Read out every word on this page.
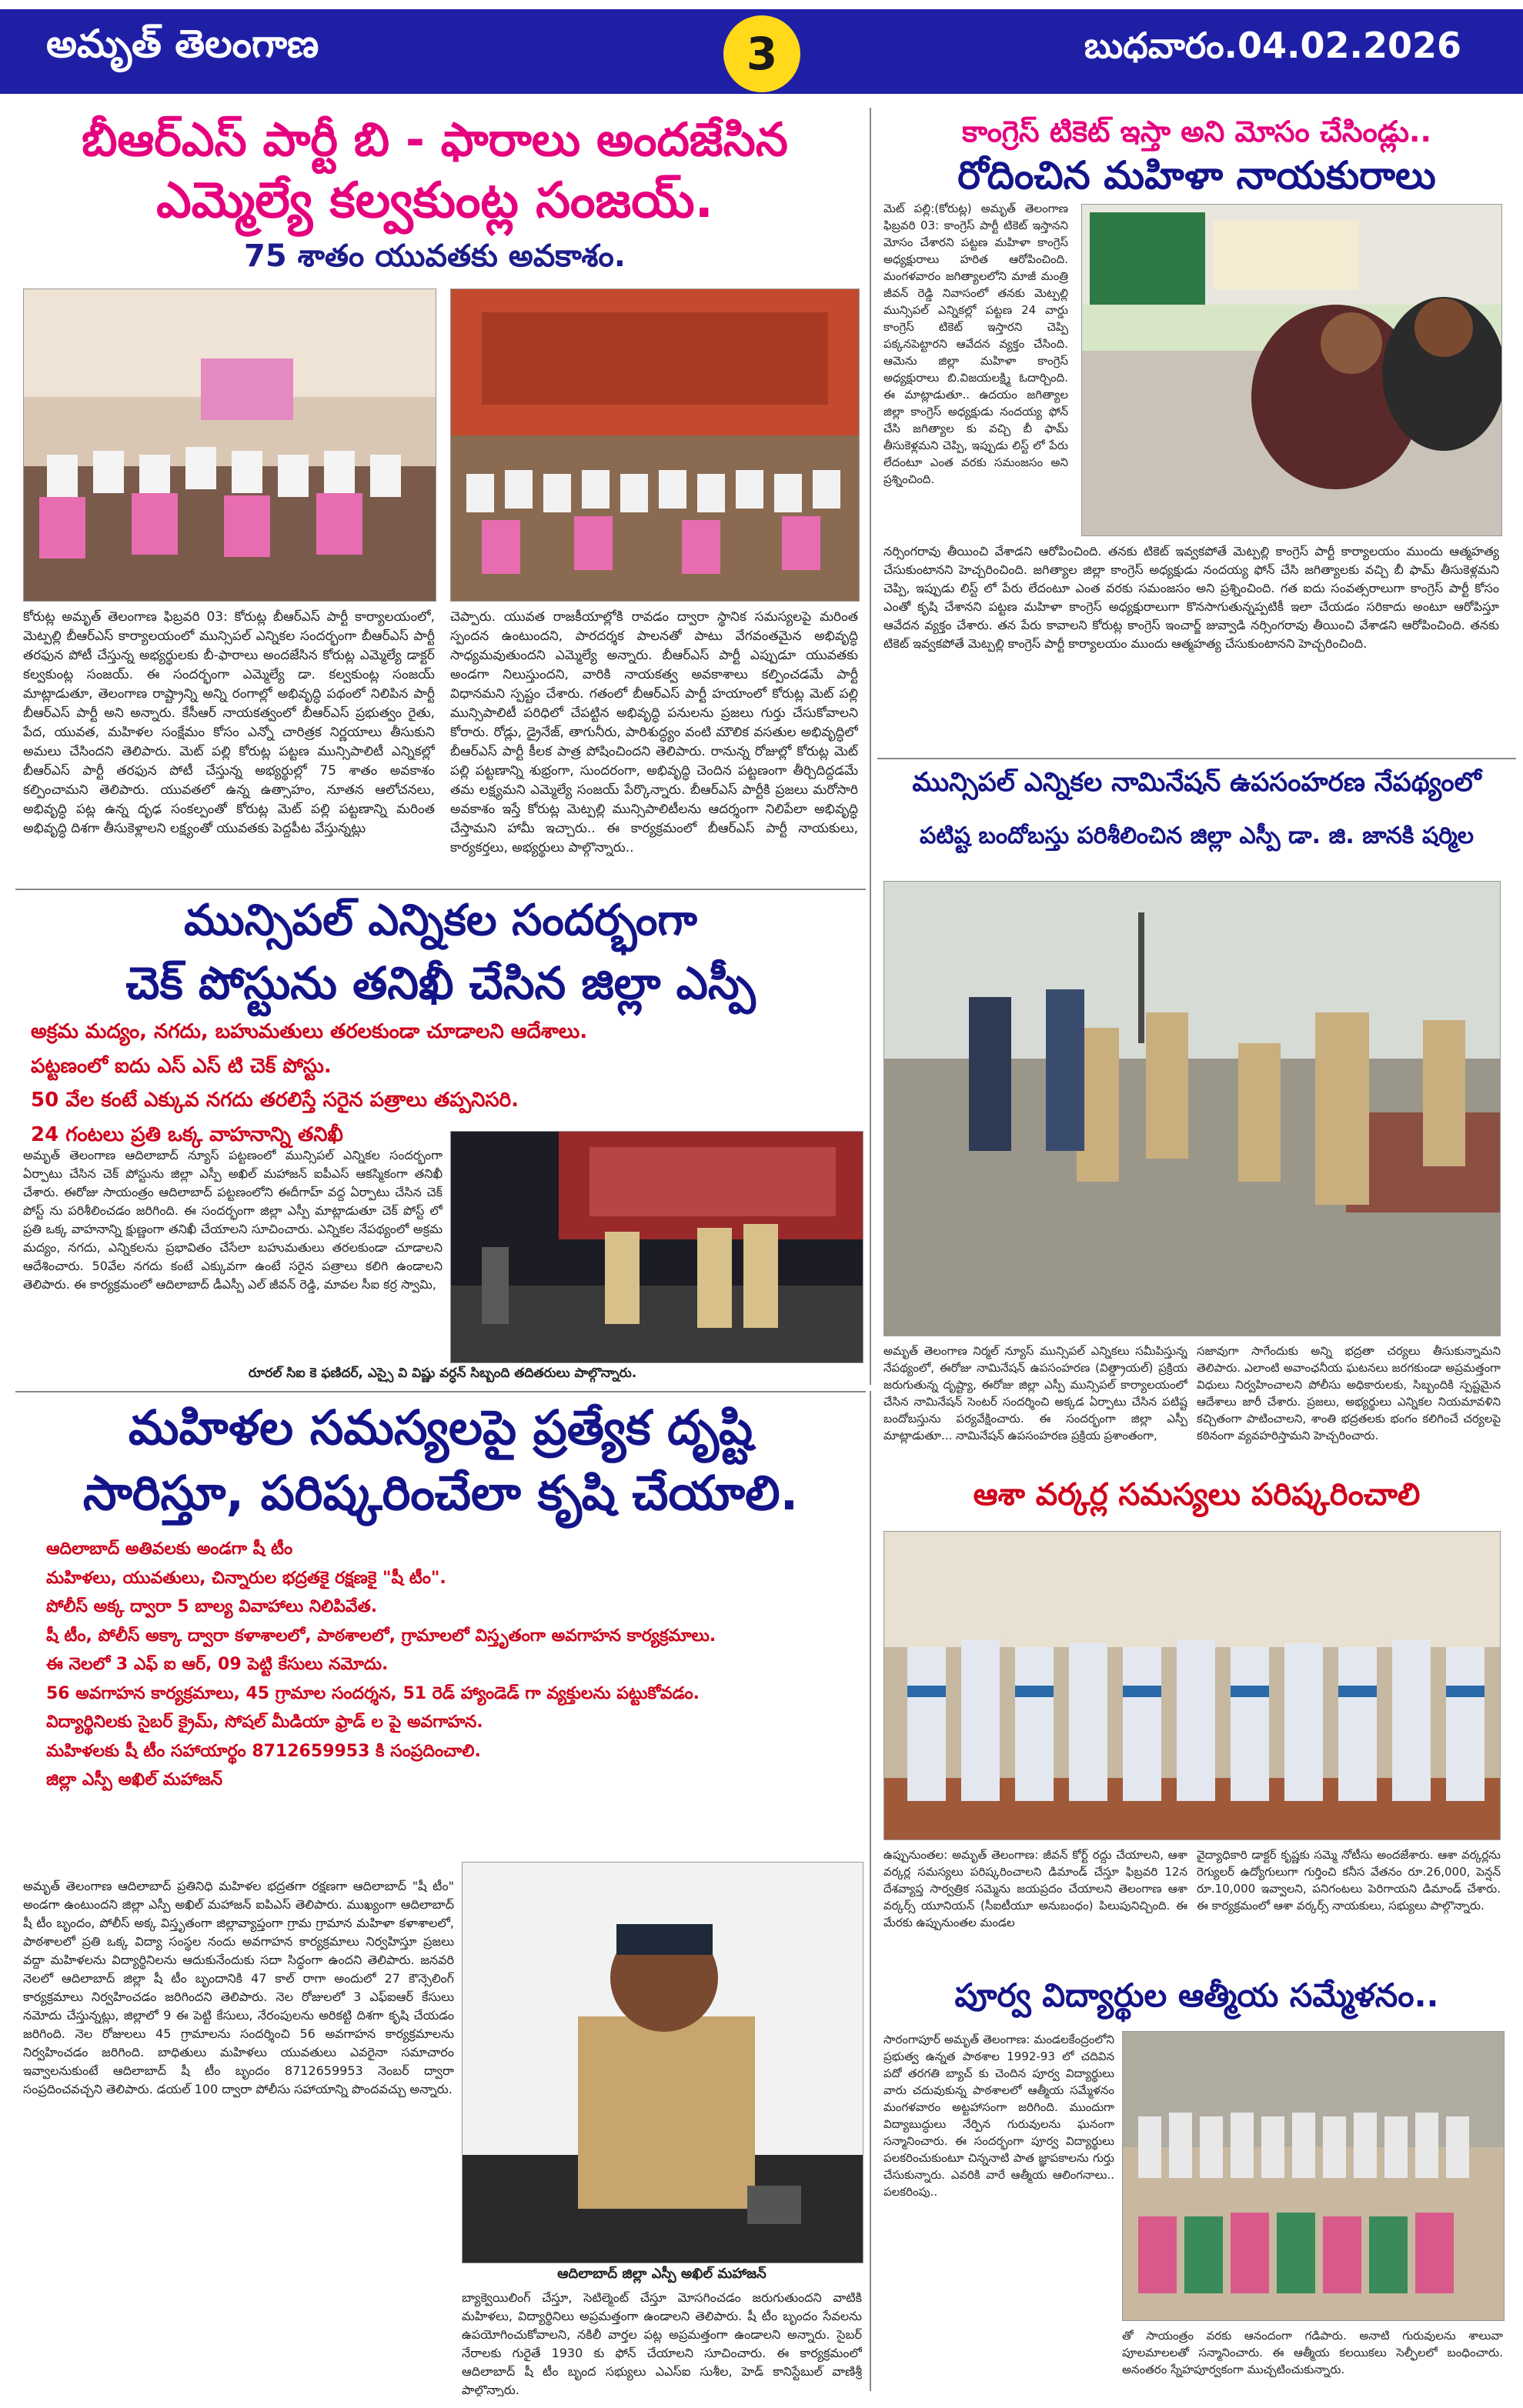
అమృత్ తెలంగాణ	3	బుధవారం.04.02.2026
బీఆర్ఎస్ పార్టీ బి - ఫారాలు అందజేసిన
ఎమ్మెల్యే కల్వకుంట్ల సంజయ్.
75 శాతం యువతకు అవకాశం.
కోరుట్ల అమృత్ తెలంగాణ ఫిబ్రవరి 03: కోరుట్ల బీఆర్ఎస్ పార్టీ కార్యాలయంలో, మెట్పల్లి బీఆర్ఎస్ కార్యాలయంలో మున్సిపల్ ఎన్నికల సందర్భంగా బీఆర్ఎస్ పార్టీ తరఫున పోటీ చేస్తున్న అభ్యర్థులకు బీ-ఫారాలు అందజేసిన కోరుట్ల ఎమ్మెల్యే డాక్టర్ కల్వకుంట్ల సంజయ్. ఈ సందర్భంగా ఎమ్మెల్యే డా. కల్వకుంట్ల సంజయ్ మాట్లాడుతూ, తెలంగాణ రాష్ట్రాన్ని అన్ని రంగాల్లో అభివృద్ధి పథంలో నిలిపిన పార్టీ బీఆర్ఎస్ పార్టీ అని అన్నారు. కేసీఆర్ నాయకత్వంలో బీఆర్ఎస్ ప్రభుత్వం రైతు, పేద, యువత, మహిళల సంక్షేమం కోసం ఎన్నో చారిత్రక నిర్ణయాలు తీసుకుని అమలు చేసిందని తెలిపారు. మెట్ పల్లి కోరుట్ల పట్టణ మున్సిపాలిటీ ఎన్నికల్లో బీఆర్ఎస్ పార్టీ తరఫున పోటీ చేస్తున్న అభ్యర్థుల్లో 75 శాతం అవకాశం కల్పించామని తెలిపారు. యువతలో ఉన్న ఉత్సాహం, నూతన ఆలోచనలు, అభివృద్ధి పట్ల ఉన్న దృఢ సంకల్పంతో కోరుట్ల మెట్ పల్లి పట్టణాన్ని మరింత అభివృద్ధి దిశగా తీసుకెళ్లాలని లక్ష్యంతో యువతకు పెద్దపీట వేస్తున్నట్లు
చెప్పారు. యువత రాజకీయాల్లోకి రావడం ద్వారా స్థానిక సమస్యలపై మరింత స్పందన ఉంటుందని, పారదర్శక పాలనతో పాటు వేగవంతమైన అభివృద్ధి సాధ్యమవుతుందని ఎమ్మెల్యే అన్నారు. బీఆర్ఎస్ పార్టీ ఎప్పుడూ యువతకు అండగా నిలుస్తుందని, వారికి నాయకత్వ అవకాశాలు కల్పించడమే పార్టీ విధానమని స్పష్టం చేశారు. గతంలో బీఆర్ఎస్ పార్టీ హయాంలో కోరుట్ల మెట్ పల్లి మున్సిపాలిటీ పరిధిలో చేపట్టిన అభివృద్ధి పనులను ప్రజలు గుర్తు చేసుకోవాలని కోరారు. రోడ్లు, డ్రైనేజ్, తాగునీరు, పారిశుద్ధ్యం వంటి మౌలిక వసతుల అభివృద్ధిలో బీఆర్ఎస్ పార్టీ కీలక పాత్ర పోషించిందని తెలిపారు. రానున్న రోజుల్లో కోరుట్ల మెట్ పల్లి పట్టణాన్ని శుభ్రంగా, సుందరంగా, అభివృద్ధి చెందిన పట్టణంగా తీర్చిదిద్దడమే తమ లక్ష్యమని ఎమ్మెల్యే సంజయ్ పేర్కొన్నారు. బీఆర్ఎస్ పార్టీకి ప్రజలు మరోసారి అవకాశం ఇస్తే కోరుట్ల మెట్పల్లి మున్సిపాలిటీలను ఆదర్శంగా నిలిపేలా అభివృద్ధి చేస్తామని హామీ ఇచ్చారు.. ఈ కార్యక్రమంలో బీఆర్ఎస్ పార్టీ నాయకులు, కార్యకర్తలు, అభ్యర్థులు పాల్గొన్నారు..
కాంగ్రెస్ టికెట్ ఇస్తా అని మోసం చేసిండ్లు..
రోదించిన మహిళా నాయకురాలు
మెట్ పల్లి:(కోరుట్ల) అమృత్ తెలంగాణ ఫిబ్రవరి 03: కాంగ్రెస్ పార్టీ టికెట్ ఇస్తానని మోసం చేశారని పట్టణ మహిళా కాంగ్రెస్ అధ్యక్షురాలు హరిత ఆరోపించింది. మంగళవారం జగిత్యాలలోని మాజీ మంత్రి జీవన్ రెడ్డి నివాసంలో తనకు మెట్పల్లి మున్సిపల్ ఎన్నికల్లో పట్టణ 24 వార్డు కాంగ్రెస్ టికెట్ ఇస్తారని చెప్పి పక్కనపెట్టారని ఆవేదన వ్యక్తం చేసింది. ఆమెను జిల్లా మహిళా కాంగ్రెస్ అధ్యక్షురాలు బి.విజయలక్ష్మి ఓదార్చింది. ఈ మాట్లాడుతూ.. ఉదయం జగిత్యాల జిల్లా కాంగ్రెస్ అధ్యక్షుడు నందయ్య ఫోన్ చేసి జగిత్యాల కు వచ్చి బీ ఫామ్ తీసుకెళ్లమని చెప్పి, ఇప్పుడు లిస్ట్ లో పేరు లేదంటూ ఎంత వరకు సమంజసం అని ప్రశ్నించింది.
నర్సింగరావు తీయించి వేశాడని ఆరోపించింది. తనకు టికెట్ ఇవ్వకపోతే మెట్పల్లి కాంగ్రెస్ పార్టీ కార్యాలయం ముందు ఆత్మహత్య చేసుకుంటానని హెచ్చరించింది. జగిత్యాల జిల్లా కాంగ్రెస్ అధ్యక్షుడు నందయ్య ఫోన్ చేసి జగిత్యాలకు వచ్చి బీ ఫామ్ తీసుకెళ్లమని చెప్పి, ఇప్పుడు లిస్ట్ లో పేరు లేదంటూ ఎంత వరకు సమంజసం అని ప్రశ్నించింది. గత ఐదు సంవత్సరాలుగా కాంగ్రెస్ పార్టీ కోసం ఎంతో కృషి చేశానని పట్టణ మహిళా కాంగ్రెస్ అధ్యక్షురాలుగా కొనసాగుతున్నప్పటికీ ఇలా చేయడం సరికాదు అంటూ ఆరోపిస్తూ ఆవేదన వ్యక్తం చేశారు. తన పేరు కావాలని కోరుట్ల కాంగ్రెస్ ఇంచార్జ్ జువ్వాడి నర్సింగరావు తీయించి వేశాడని ఆరోపించింది. తనకు టికెట్ ఇవ్వకపోతే మెట్పల్లి కాంగ్రెస్ పార్టీ కార్యాలయం ముందు ఆత్మహత్య చేసుకుంటానని హెచ్చరించింది.
మున్సిపల్ ఎన్నికల నామినేషన్ ఉపసంహరణ నేపథ్యంలో
పటిష్ట బందోబస్తు పరిశీలించిన జిల్లా ఎస్పీ డా. జి. జానకి షర్మిల
అమృత్ తెలంగాణ నిర్మల్ న్యూస్ మున్సిపల్ ఎన్నికలు సమీపిస్తున్న నేపథ్యంలో, ఈరోజు నామినేషన్ ఉపసంహరణ (విత్డ్రాయల్) ప్రక్రియ జరుగుతున్న దృష్ట్యా, ఈరోజు జిల్లా ఎస్పీ మున్సిపల్ కార్యాలయంలో చేసిన నామినేషన్ సెంటర్ సందర్శించి అక్కడ ఏర్పాటు చేసిన పటిష్ట బందోబస్తును పర్యవేక్షించారు. ఈ సందర్భంగా జిల్లా ఎస్పీ మాట్లాడుతూ... నామినేషన్ ఉపసంహరణ ప్రక్రియ ప్రశాంతంగా,
సజావుగా సాగేందుకు అన్ని భద్రతా చర్యలు తీసుకున్నామని తెలిపారు. ఎలాంటి అవాంఛనీయ ఘటనలు జరగకుండా అప్రమత్తంగా విధులు నిర్వహించాలని పోలీసు అధికారులకు, సిబ్బందికి స్పష్టమైన ఆదేశాలు జారీ చేశారు. ప్రజలు, అభ్యర్థులు ఎన్నికల నియమావళిని కచ్చితంగా పాటించాలని, శాంతి భద్రతలకు భంగం కలిగించే చర్యలపై కఠినంగా వ్యవహరిస్తామని హెచ్చరించారు.
మున్సిపల్ ఎన్నికల సందర్భంగా
చెక్ పోస్టును తనిఖీ చేసిన జిల్లా ఎస్పీ
అక్రమ మద్యం, నగదు, బహుమతులు తరలకుండా చూడాలని ఆదేశాలు.
పట్టణంలో ఐదు ఎస్ ఎస్ టి చెక్ పోస్టు.
50 వేల కంటే ఎక్కువ నగదు తరలిస్తే సరైన పత్రాలు తప్పనిసరి.
24 గంటలు ప్రతి ఒక్క వాహనాన్ని తనిఖీ
అమృత్ తెలంగాణ ఆదిలాబాద్ న్యూస్ పట్టణంలో మున్సిపల్ ఎన్నికల సందర్భంగా ఏర్పాటు చేసిన చెక్ పోస్టును జిల్లా ఎస్పీ అఖిల్ మహాజన్ ఐపీఎస్ ఆకస్మికంగా తనిఖీ చేశారు. ఈరోజు సాయంత్రం ఆదిలాబాద్ పట్టణంలోని ఈదీగాహ్ వద్ద ఏర్పాటు చేసిన చెక్ పోస్ట్ ను పరిశీలించడం జరిగింది. ఈ సందర్భంగా జిల్లా ఎస్పీ మాట్లాడుతూ చెక్ పోస్ట్ లో ప్రతి ఒక్క వాహనాన్ని క్షుణ్ణంగా తనిఖీ చేయాలని సూచించారు. ఎన్నికల నేపథ్యంలో అక్రమ మద్యం, నగదు, ఎన్నికలను ప్రభావితం చేసేలా బహుమతులు తరలకుండా చూడాలని ఆదేశించారు. 50వేల నగదు కంటే ఎక్కువగా ఉంటే సరైన పత్రాలు కలిగి ఉండాలని తెలిపారు. ఈ కార్యక్రమంలో ఆదిలాబాద్ డీఎస్పీ ఎల్ జీవన్ రెడ్డి, మావల సీఐ కర్ర స్వామి,
రూరల్ సిఐ కె ఫణిదర్, ఎస్సై వి విష్ణు వర్ధన్ సిబ్బంది తదితరులు పాల్గొన్నారు.
మహిళల సమస్యలపై ప్రత్యేక దృష్టి
సారిస్తూ, పరిష్కరించేలా కృషి చేయాలి.
ఆదిలాబాద్ అతివలకు అండగా షీ టీం
మహిళలు, యువతులు, చిన్నారుల భద్రతకై రక్షణకై "షీ టీం".
పోలీస్ అక్క ద్వారా 5 బాల్య వివాహాలు నిలిపివేత.
షీ టీం, పోలీస్ అక్కా ద్వారా కళాశాలలో, పాఠశాలలో, గ్రామాలలో విస్తృతంగా అవగాహన కార్యక్రమాలు.
ఈ నెలలో 3 ఎఫ్ ఐ ఆర్, 09 పెట్టి కేసులు నమోదు.
56 అవగాహన కార్యక్రమాలు, 45 గ్రామాల సందర్శన, 51 రెడ్ హ్యాండెడ్ గా వ్యక్తులను పట్టుకోవడం.
విద్యార్థినిలకు సైబర్ క్రైమ్, సోషల్ మీడియా ఫ్రాడ్ ల పై అవగాహన.
మహిళలకు షీ టీం సహాయార్థం 8712659953 కి సంప్రదించాలి.
జిల్లా ఎస్పీ అఖిల్ మహాజన్
అమృత్ తెలంగాణ ఆదిలాబాద్ ప్రతినిధి మహిళల భద్రతగా రక్షణగా ఆదిలాబాద్ "షీ టీం" అండగా ఉంటుందని జిల్లా ఎస్పీ అఖిల్ మహాజన్ ఐపిఎస్ తెలిపారు. ముఖ్యంగా ఆదిలాబాద్ షీ టీం బృందం, పోలీస్ అక్క విస్తృతంగా జిల్లావ్యాప్తంగా గ్రామ గ్రామాన మహిళా కళాశాలలో, పాఠశాలలో ప్రతి ఒక్క విద్యా సంస్థల నందు అవగాహన కార్యక్రమాలు నిర్వహిస్తూ ప్రజలు వద్దా మహిళలను విద్యార్థినిలను ఆదుకునేందుకు సదా సిద్ధంగా ఉందని తెలిపారు. జనవరి నెలలో ఆదిలాబాద్ జిల్లా షీ టీం బృందానికి 47 కాల్ రాగా అందులో 27 కౌన్సెలింగ్ కార్యక్రమాలు నిర్వహించడం జరిగిందని తెలిపారు. నెల రోజులలో 3 ఎఫ్ఐఆర్ కేసులు నమోదు చేస్తున్నట్లు, జిల్లాలో 9 ఈ పెట్టి కేసులు, నేరంపులను అరికట్టి దిశగా కృషి చేయడం జరిగింది. నెల రోజులలు 45 గ్రామాలను సందర్శించి 56 అవగాహన కార్యక్రమాలను నిర్వహించడం జరిగింది. బాధితులు మహిళలు యువతులు ఎవరైనా సమాచారం ఇవ్వాలనుకుంటే ఆదిలాబాద్ షీ టీం బృందం 8712659953 నెంబర్ ద్వారా సంప్రదించవచ్చని తెలిపారు. డయల్ 100 ద్వారా పోలీసు సహాయాన్ని పొందవచ్చు అన్నారు.
ఆదిలాబాద్ జిల్లా ఎస్పీ అఖిల్ మహాజన్
బ్యాక్వెయిలింగ్ చేస్తూ, సెటిల్మెంట్ చేస్తూ మోసగించడం జరుగుతుందని వాటికి మహిళలు, విద్యార్థినిలు అప్రమత్తంగా ఉండాలని తెలిపారు. షీ టీం బృందం సేవలను ఉపయోగించుకోవాలని, నకిలీ వార్తల పట్ల అప్రమత్తంగా ఉండాలని అన్నారు. సైబర్ నేరాలకు గురైతే 1930 కు ఫోన్ చేయాలని సూచించారు. ఈ కార్యక్రమంలో ఆదిలాబాద్ షీ టీం బృంద సభ్యులు ఎఎస్ఐ సుశీల, హెడ్ కానిస్టేబుల్ వాణిశ్రీ పాల్గొన్నారు.
ఆశా వర్కర్ల సమస్యలు పరిష్కరించాలి
ఉప్పునుంతల: అమృత్ తెలంగాణ: జీవన్ కోర్ట్ రద్దు చేయాలని, ఆశా వర్కర్ల సమస్యలు పరిష్కరించాలని డిమాండ్ చేస్తూ ఫిబ్రవరి 12న దేశవ్యాప్త సార్వత్రిక సమ్మెను జయప్రదం చేయాలని తెలంగాణ ఆశా వర్కర్స్ యూనియన్ (సీఐటీయూ అనుబంధం) పిలుపునిచ్చింది. ఈ మేరకు ఉప్పునుంతల మండల
వైద్యాధికారి డాక్టర్ కృష్ణకు సమ్మె నోటీసు అందజేశారు. ఆశా వర్కర్లను రెగ్యులర్ ఉద్యోగులుగా గుర్తించి కనీస వేతనం రూ.26,000, పెన్షన్ రూ.10,000 ఇవ్వాలని, పనిగంటలు పెరిగాయని డిమాండ్ చేశారు. ఈ కార్యక్రమంలో ఆశా వర్కర్స్ నాయకులు, సభ్యులు పాల్గొన్నారు.
పూర్వ విద్యార్థుల ఆత్మీయ సమ్మేళనం..
సారంగాపూర్ అమృత్ తెలంగాణ: మండలకేంద్రంలోని ప్రభుత్వ ఉన్నత పాఠశాల 1992-93 లో చదివిన పదో తరగతి బ్యాచ్ కు చెందిన పూర్వ విద్యార్థులు వారు చదువుకున్న పాఠశాలలో ఆత్మీయ సమ్మేళనం మంగళవారం అట్టహాసంగా జరిగింది. ముందుగా విద్యాబుద్ధులు నేర్పిన గురువులను ఘనంగా సన్మానించారు. ఈ సందర్భంగా పూర్వ విద్యార్థులు పలకరించుకుంటూ చిన్ననాటి పాత జ్ఞాపకాలను గుర్తు చేసుకున్నారు. ఎవరికి వారే ఆత్మీయ ఆలింగనాలు.. పలకరింపు..
తో సాయంత్రం వరకు ఆనందంగా గడిపారు. అనాటి గురువులను శాలువా పూలమాలలతో సన్మానించారు. ఈ ఆత్మీయ కలయికలు సెల్ఫీలలో బంధించారు. అనంతరం స్నేహపూర్వకంగా ముచ్చటించుకున్నారు.
